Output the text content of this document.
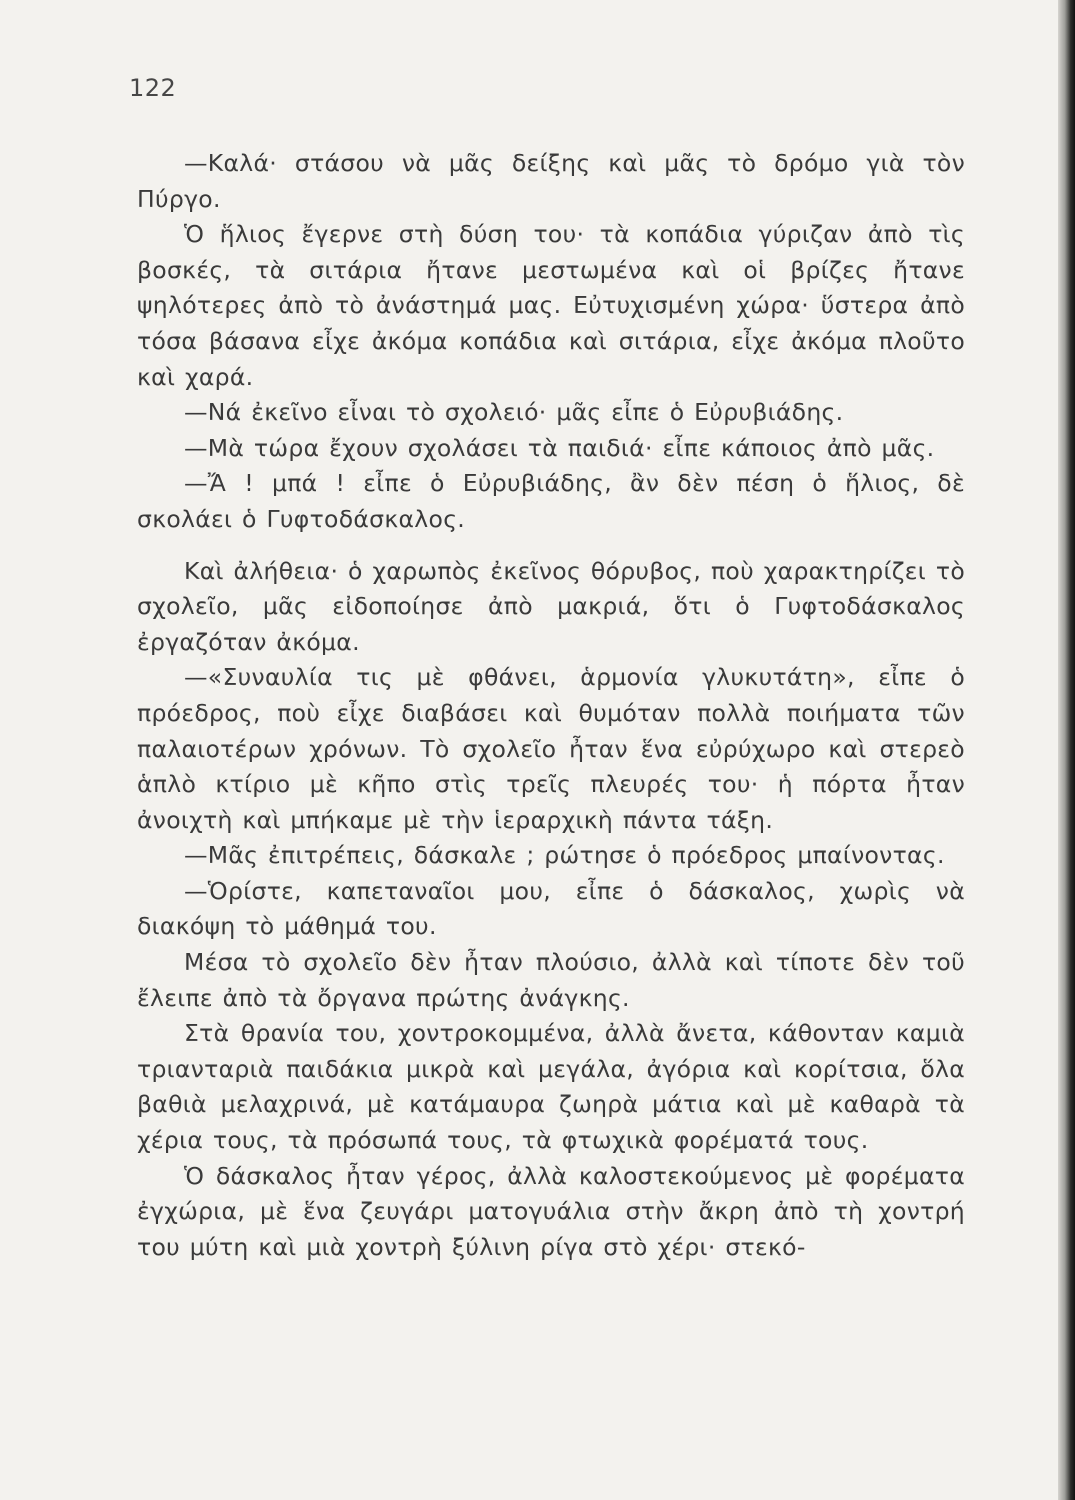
122

—Καλά· στάσου νὰ μᾶς δείξης καὶ μᾶς τὸ δρόμο γιὰ τὸν Πύργο.

Ὁ ἥλιος ἔγερνε στὴ δύση του· τὰ κοπάδια γύριζαν ἀπὸ τὶς βοσκές, τὰ σιτάρια ἤτανε μεστωμένα καὶ οἱ βρίζες ἤτανε ψηλότερες ἀπὸ τὸ ἀνάστημά μας. Εὐτυχισμένη χώρα· ὕστερα ἀπὸ τόσα βάσανα εἶχε ἀκόμα κοπάδια καὶ σιτάρια, εἶχε ἀκόμα πλοῦτο καὶ χαρά.

—Νά ἐκεῖνο εἶναι τὸ σχολειό· μᾶς εἶπε ὁ Εὐρυβιάδης.

—Μὰ τώρα ἔχουν σχολάσει τὰ παιδιά· εἶπε κάποιος ἀπὸ μᾶς.

—Ἄ ! μπά ! εἶπε ὁ Εὐρυβιάδης, ἂν δὲν πέση ὁ ἥλιος, δὲ σκολάει ὁ Γυφτοδάσκαλος.

Καὶ ἀλήθεια· ὁ χαρωπὸς ἐκεῖνος θόρυβος, ποὺ χαρακτηρίζει τὸ σχολεῖο, μᾶς εἰδοποίησε ἀπὸ μακριά, ὅτι ὁ Γυφτοδάσκαλος ἐργαζόταν ἀκόμα.

—«Συναυλία τις μὲ φθάνει, ἁρμονία γλυκυτάτη», εἶπε ὁ πρόεδρος, ποὺ εἶχε διαβάσει καὶ θυμόταν πολλὰ ποιήματα τῶν παλαιοτέρων χρόνων. Τὸ σχολεῖο ἦταν ἕνα εὐρύχωρο καὶ στερεὸ ἁπλὸ κτίριο μὲ κῆπο στὶς τρεῖς πλευρές του· ἡ πόρτα ἦταν ἀνοιχτὴ καὶ μπήκαμε μὲ τὴν ἱεραρχικὴ πάντα τάξη.

—Μᾶς ἐπιτρέπεις, δάσκαλε ; ρώτησε ὁ πρόεδρος μπαίνοντας.

—Ὁρίστε, καπεταναῖοι μου, εἶπε ὁ δάσκαλος, χωρὶς νὰ διακόψη τὸ μάθημά του.

Μέσα τὸ σχολεῖο δὲν ἦταν πλούσιο, ἀλλὰ καὶ τίποτε δὲν τοῦ ἔλειπε ἀπὸ τὰ ὄργανα πρώτης ἀνάγκης.

Στὰ θρανία του, χοντροκομμένα, ἀλλὰ ἄνετα, κάθονταν καμιὰ τριανταριὰ παιδάκια μικρὰ καὶ μεγάλα, ἀγόρια καὶ κορίτσια, ὅλα βαθιὰ μελαχρινά, μὲ κατάμαυρα ζωηρὰ μάτια καὶ μὲ καθαρὰ τὰ χέρια τους, τὰ πρόσωπά τους, τὰ φτωχικὰ φορέματά τους.

Ὁ δάσκαλος ἦταν γέρος, ἀλλὰ καλοστεκούμενος μὲ φορέματα ἐγχώρια, μὲ ἕνα ζευγάρι ματογυάλια στὴν ἄκρη ἀπὸ τὴ χοντρή του μύτη καὶ μιὰ χοντρὴ ξύλινη ρίγα στὸ χέρι· στεκό-
